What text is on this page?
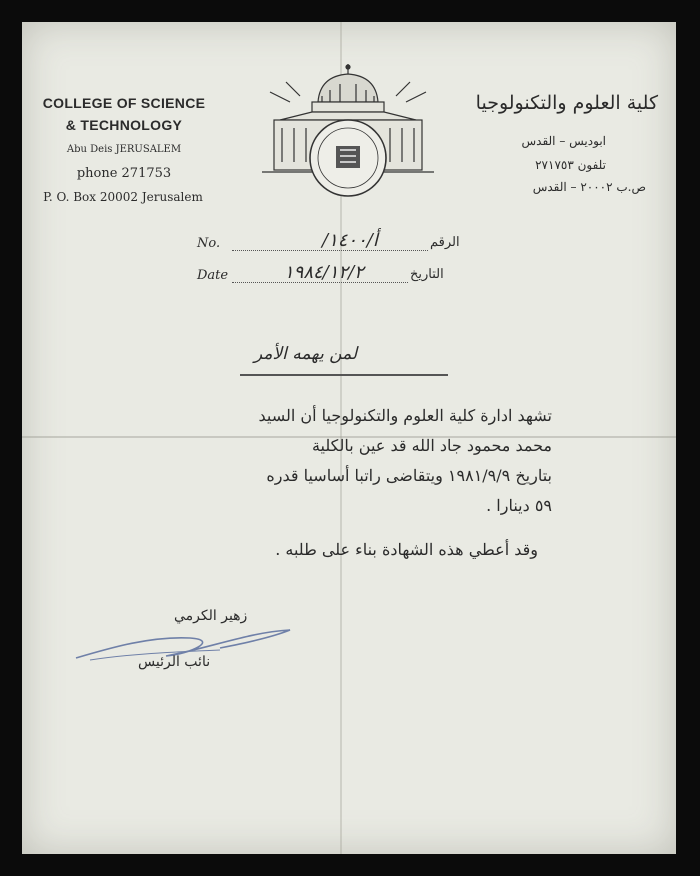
COLLEGE OF SCIENCE
& TECHNOLOGY
Abu Deis JERUSALEM
phone 271753
P. O. Box 20002 Jerusalem
كلية العلوم والتكنولوجيا
ابوديس – القدس
تلفون ٢٧١٧٥٣
ص.ب ٢٠٠٠٢ – القدس
No.	أ/١٤٠٠/	الرقم
Date	١٩٨٤/١٢/٢	التاريخ
لمن يهمه الأمر
تشهد ادارة كلية العلوم والتكنولوجيا أن السيد
محمد محمود جاد الله قد عين بالكلية
بتاريخ ١٩٨١/٩/٩ ويتقاضى راتبا أساسيا قدره
٥٩ دينارا .
وقد أعطي هذه الشهادة بناء على طلبه .
زهير الكرمي
نائب الرئيس
